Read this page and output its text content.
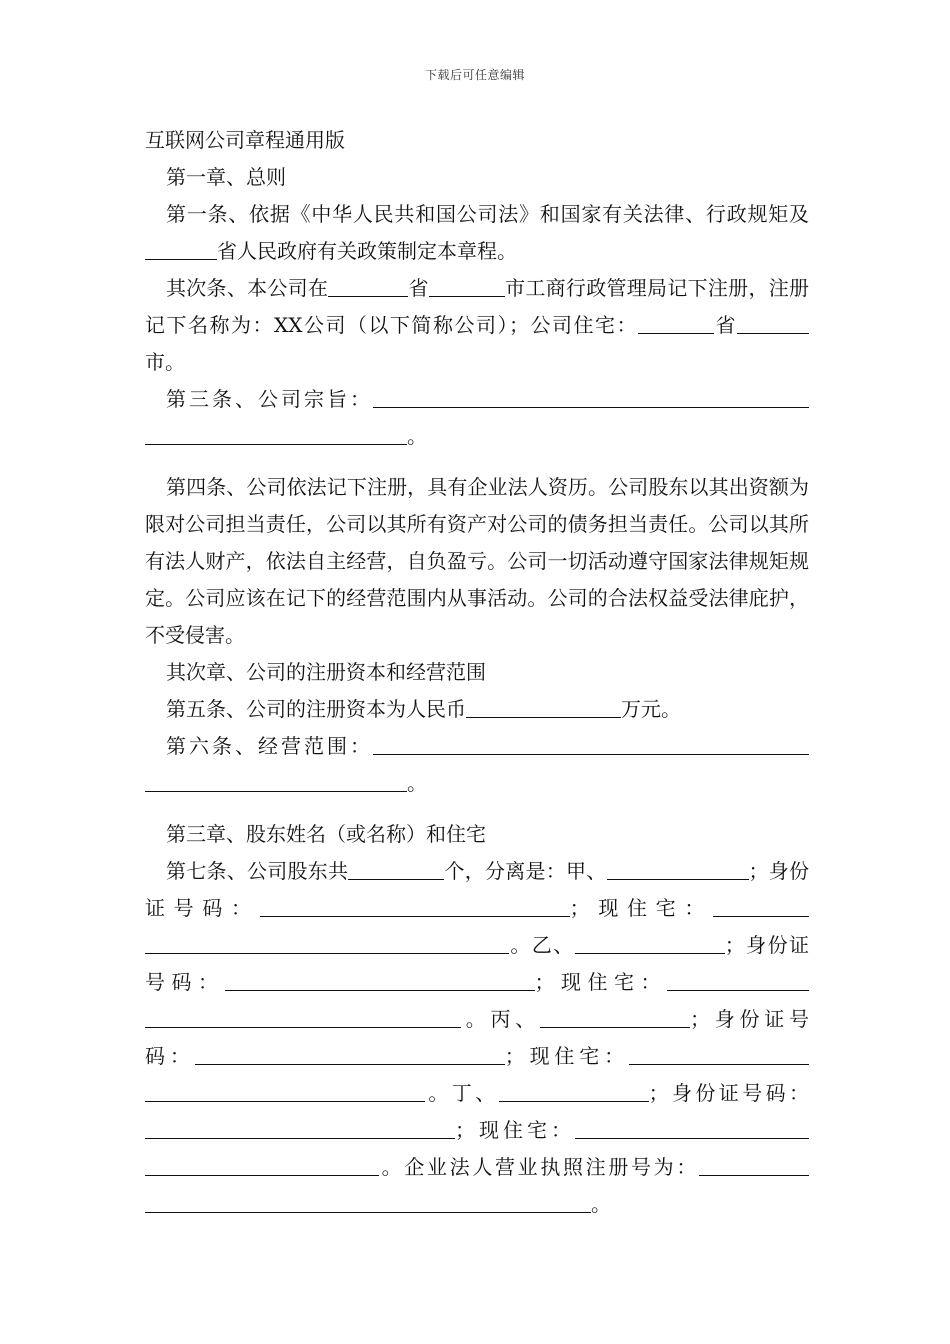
下载后可任意编辑

互联网公司章程通用版

第一章、总则

第一条、依据《中华人民共和国公司法》和国家有关法律、行政规矩及省人民政府有关政策制定本章程。

其次条、本公司在	省	市工商行政管理局记下注册，注册记下名称为：XX公司（以下简称公司）；公司住宅：	省市。

第三条、公司宗旨：。

第四条、公司依法记下注册，具有企业法人资历。公司股东以其出资额为限对公司担当责任，公司以其所有资产对公司的债务担当责任。公司以其所有法人财产，依法自主经营，自负盈亏。公司一切活动遵守国家法律规矩规定。公司应该在记下的经营范围内从事活动。公司的合法权益受法律庇护，不受侵害。

其次章、公司的注册资本和经营范围

第五条、公司的注册资本为人民币	万元。

第六条、经营范围：。

第三章、股东姓名（或名称）和住宅

第七条、公司股东共	个，分离是：甲、	；身份证号码：	；现住宅：。乙、	；身份证号码：	；现住宅：。丙、	；身份证号码：	；现住宅：。丁、	；身份证号码：；现住宅：。企业法人营业执照注册号为：。
